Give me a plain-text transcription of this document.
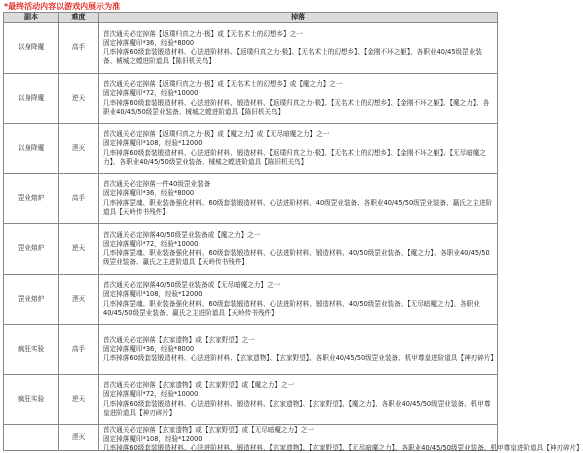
*最终活动内容以游戏内展示为准
副本	难度	掉落
以身降魔	高手	首次通关必定掉落【返璞归真之力·极】或【无名术士的幻想乡】之一
固定掉落魔印*36，经验*8000
几率掉落60级套装锻造材料、心法进阶材料、【返璞归真之力·极】、【无名术士的幻想乡】、【金刚不坏之躯】、各职业40/45级罡业装备、械城之螳进阶道具【陈旧机关鸟】
以身降魔	逆天	首次通关必定掉落【返璞归真之力·极】或【无名术士的幻想乡】或【魔之力】之一
固定掉落魔印*72，经验*10000
几率掉落60级套装锻造材料、心法进阶材料、锻造材料、【返璞归真之力·极】、【无名术士的幻想乡】、【金刚不坏之躯】、【魔之力】、各职业40/45/50级罡业装备、械城之螳进阶道具【陈旧机关鸟】
以身降魔	湮灭	首次通关必定掉落【返璞归真之力·极】或【魔之力】或【无尽暗魔之力】之一
固定掉落魔印*108，经验*12000
几率掉落60级套装锻造材料、心法进阶材料、锻造材料、【返璞归真之力·极】、【无名术士的幻想乡】、【金刚不坏之躯】、【无尽暗魔之力】、各职业40/45/50级罡业装备、械城之螳进阶道具【陈旧机关鸟】
罡业熔炉	高手	首次通关必定掉落一件40级罡业装备
固定掉落魔印*36，经验*8000
几率掉落罡魂、职业装备强化材料、60级套装锻造材料、心法进阶材料、40级罡业装备、各职业40/45/50级罡业装备、赢氏之主进阶道具【天岭传书残件】
罡业熔炉	逆天	首次通关必定掉落40/50级罡业装备或【魔之力】之一
固定掉落魔印*72，经验*10000
几率掉落罡魂、职业装备强化材料、60级套装锻造材料、心法进阶材料、锻造材料、40/50级罡业装备、【魔之力】、各职业40/45/50级罡业装备、赢氏之主进阶道具【天岭传书残件】
罡业熔炉	湮灭	首次通关必定掉落40/50级罡业装备或【无尽暗魔之力】之一
固定掉落魔印*108，经验*12000
几率掉落罡魂、职业装备强化材料、60级套装锻造材料、心法进阶材料、锻造材料、40/50级罡业装备、【无尽暗魔之力】、各职业40/45/50级罡业装备、赢氏之主进阶道具【天岭传书残件】
疯狂实验	高手	首次通关必定掉落【玄家遗物】或【玄家野望】之一
固定掉落魔印*36，经验*8000
几率掉落60级套装锻造材料、心法进阶材料、【玄家遗物】、【玄家野望】、各职业40/45/50级罡业装备、机甲尊皇进阶道具【神刃碎片】
疯狂实验	逆天	首次通关必定掉落【玄家遗物】或【玄家野望】或【魔之力】之一
固定掉落魔印*72，经验*10000
几率掉落60级套装锻造材料、心法进阶材料、锻造材料、【玄家遗物】、【玄家野望】、【魔之力】、各职业40/45/50级罡业装备、机甲尊皇进阶道具【神刃碎片】
	湮灭	首次通关必定掉落【玄家遗物】或【玄家野望】或【无尽暗魔之力】之一
固定掉落魔印*108，经验*12000
几率掉落60级套装锻造材料、心法进阶材料、锻造材料、【玄家遗物】、【玄家野望】、【无尽暗魔之力】、各职业40/45/50级罡业装备、机甲尊皇进阶道具【神刃碎片】
